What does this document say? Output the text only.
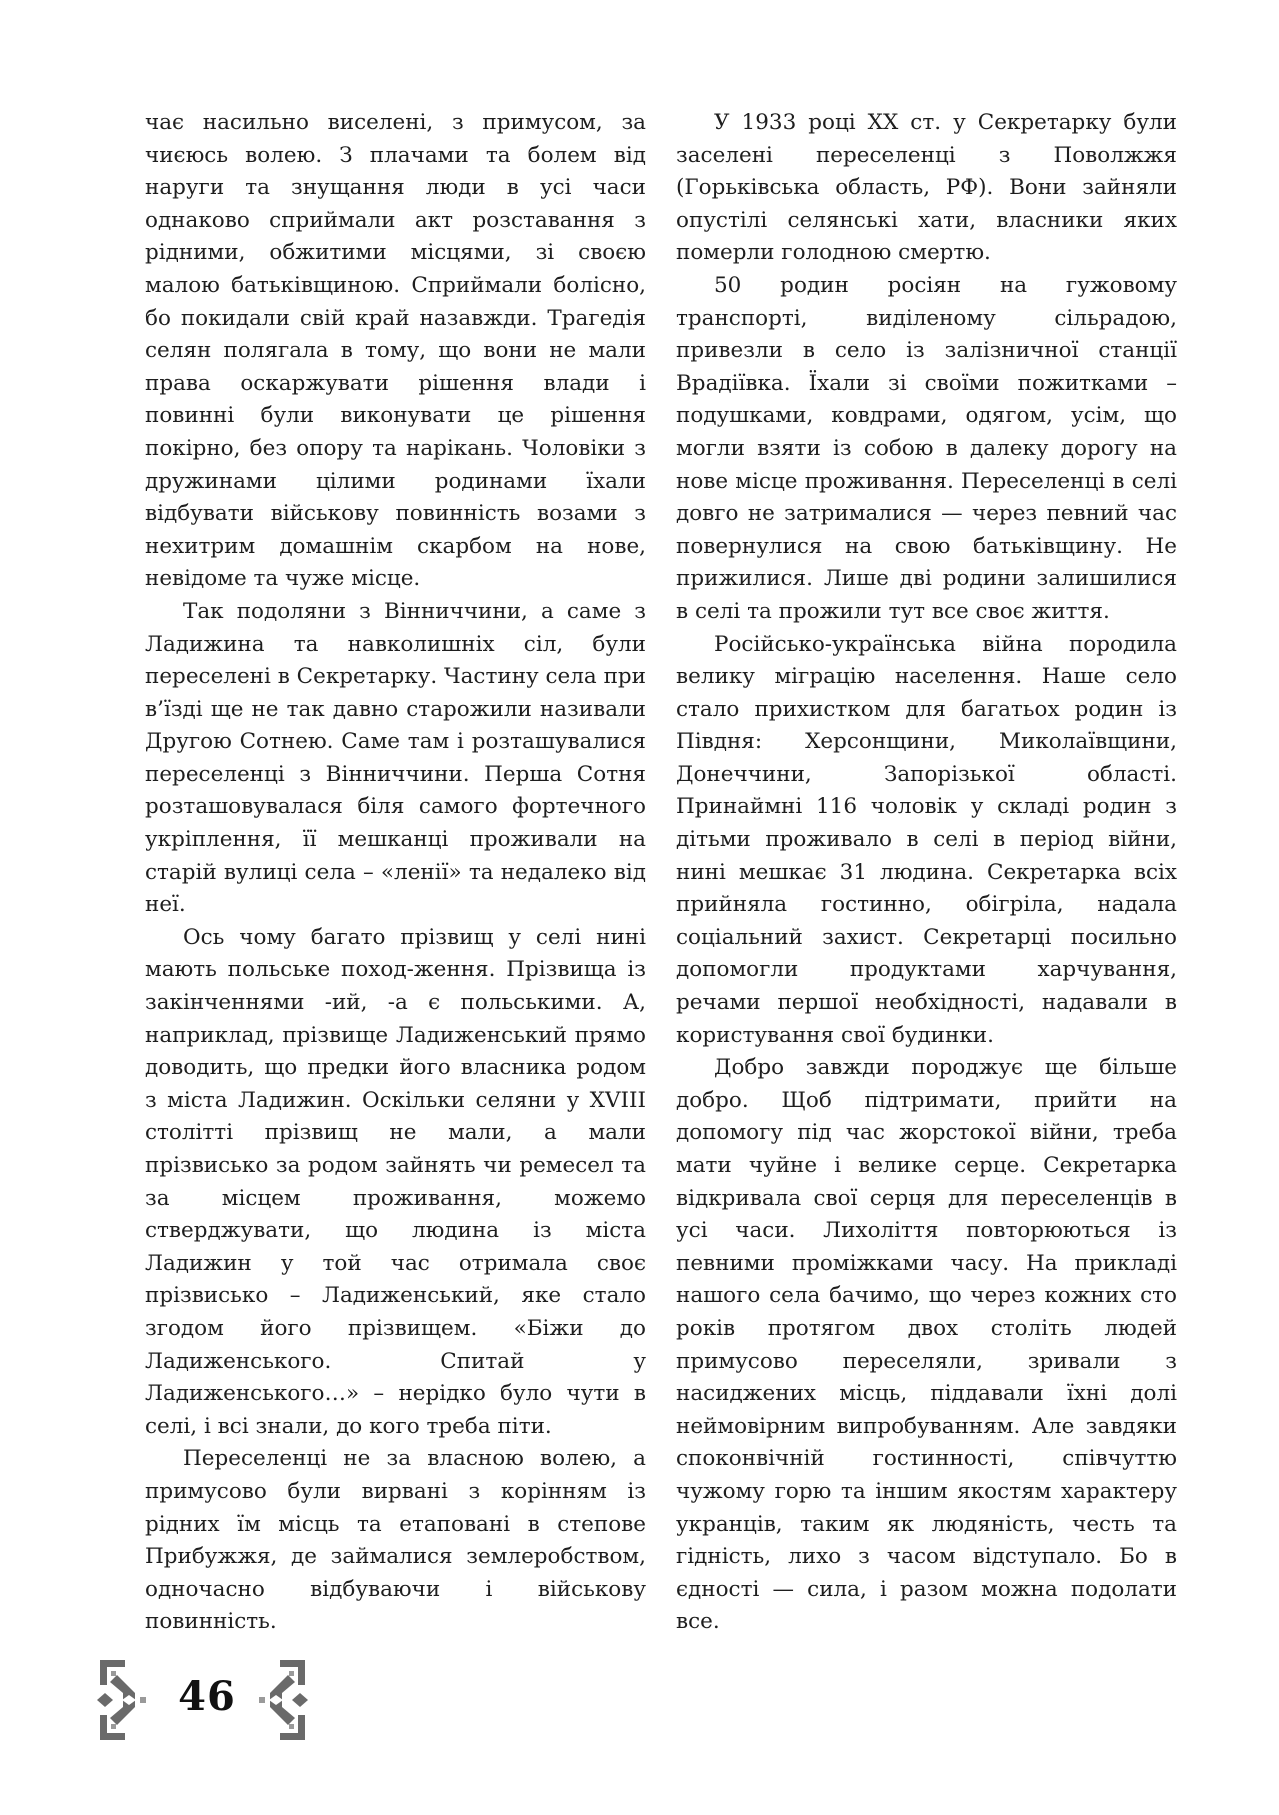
чає насильно виселені, з примусом, за чиєюсь волею. З плачами та болем від наруги та знущання люди в усі часи однаково сприймали акт розставання з рідними, обжитими місцями, зі своєю малою батьківщиною. Сприймали болісно, бо покидали свій край назавжди. Трагедія селян полягала в тому, що вони не мали права оскаржувати рішення влади і повинні були виконувати це рішення покірно, без опору та нарікань. Чоловіки з дружинами цілими родинами їхали відбувати військову повинність возами з нехитрим домашнім скарбом на нове, невідоме та чуже місце.

Так подоляни з Вінниччини, а саме з Ладижина та навколишніх сіл, були переселені в Секретарку. Частину села при в’їзді ще не так давно старожили називали Другою Сотнею. Саме там і розташувалися переселенці з Вінниччини. Перша Сотня розташовувалася біля самого фортечного укріплення, її мешканці проживали на старій вулиці села – «ленії» та недалеко від неї.

Ось чому багато прізвищ у селі нині мають польське поход-ження. Прізвища із закінченнями -ий, -а є польськими. А, наприклад, прізвище Ладиженський прямо доводить, що предки його власника родом з міста Ладижин. Оскільки селяни у XVIII столітті прізвищ не мали, а мали прізвисько за родом зайнять чи ремесел та за місцем проживання, можемо стверджувати, що людина із міста Ладижин у той час отримала своє прізвисько – Ладиженський, яке стало згодом його прізвищем. «Біжи до Ладиженського. Спитай у Ладиженського…» – нерідко було чути в селі, і всі знали, до кого треба піти.

Переселенці не за власною волею, а примусово були вирвані з корінням із рідних їм місць та етаповані в степове Прибужжя, де займалися землеробством, одночасно відбуваючи і військову повинність.

У 1933 році XX ст. у Секретарку були заселені переселенці з Поволжжя (Горьківська область, РФ). Вони зайняли опустілі селянські хати, власники яких померли голодною смертю.

50 родин росіян на гужовому транспорті, виділеному сільрадою, привезли в село із залізничної станції Врадіївка. Їхали зі своїми пожитками – подушками, ковдрами, одягом, усім, що могли взяти із собою в далеку дорогу на нове місце проживання. Переселенці в селі довго не затрималися — через певний час повернулися на свою батьківщину. Не прижилися. Лише дві родини залишилися в селі та прожили тут все своє життя.

Російсько-українська війна породила велику міграцію населення. Наше село стало прихистком для багатьох родин із Півдня: Херсонщини, Миколаївщини, Донеччини, Запорізької області. Принаймні 116 чоловік у складі родин з дітьми проживало в селі в період війни, нині мешкає 31 людина. Секретарка всіх прийняла гостинно, обігріла, надала соціальний захист. Секретарці посильно допомогли продуктами харчування, речами першої необхідності, надавали в користування свої будинки.

Добро завжди породжує ще більше добро. Щоб підтримати, прийти на допомогу під час жорстокої війни, треба мати чуйне і велике серце. Секретарка відкривала свої серця для переселенців в усі часи. Лихоліття повторюються із певними проміжками часу. На прикладі нашого села бачимо, що через кожних сто років протягом двох століть людей примусово переселяли, зривали з насиджених місць, піддавали їхні долі неймовірним випробуванням. Але завдяки споконвічній гостинності, співчуттю чужому горю та іншим якостям характеру укранців, таким як людяність, честь та гідність, лихо з часом відступало. Бо в єдності — сила, і разом можна подолати все.

46
